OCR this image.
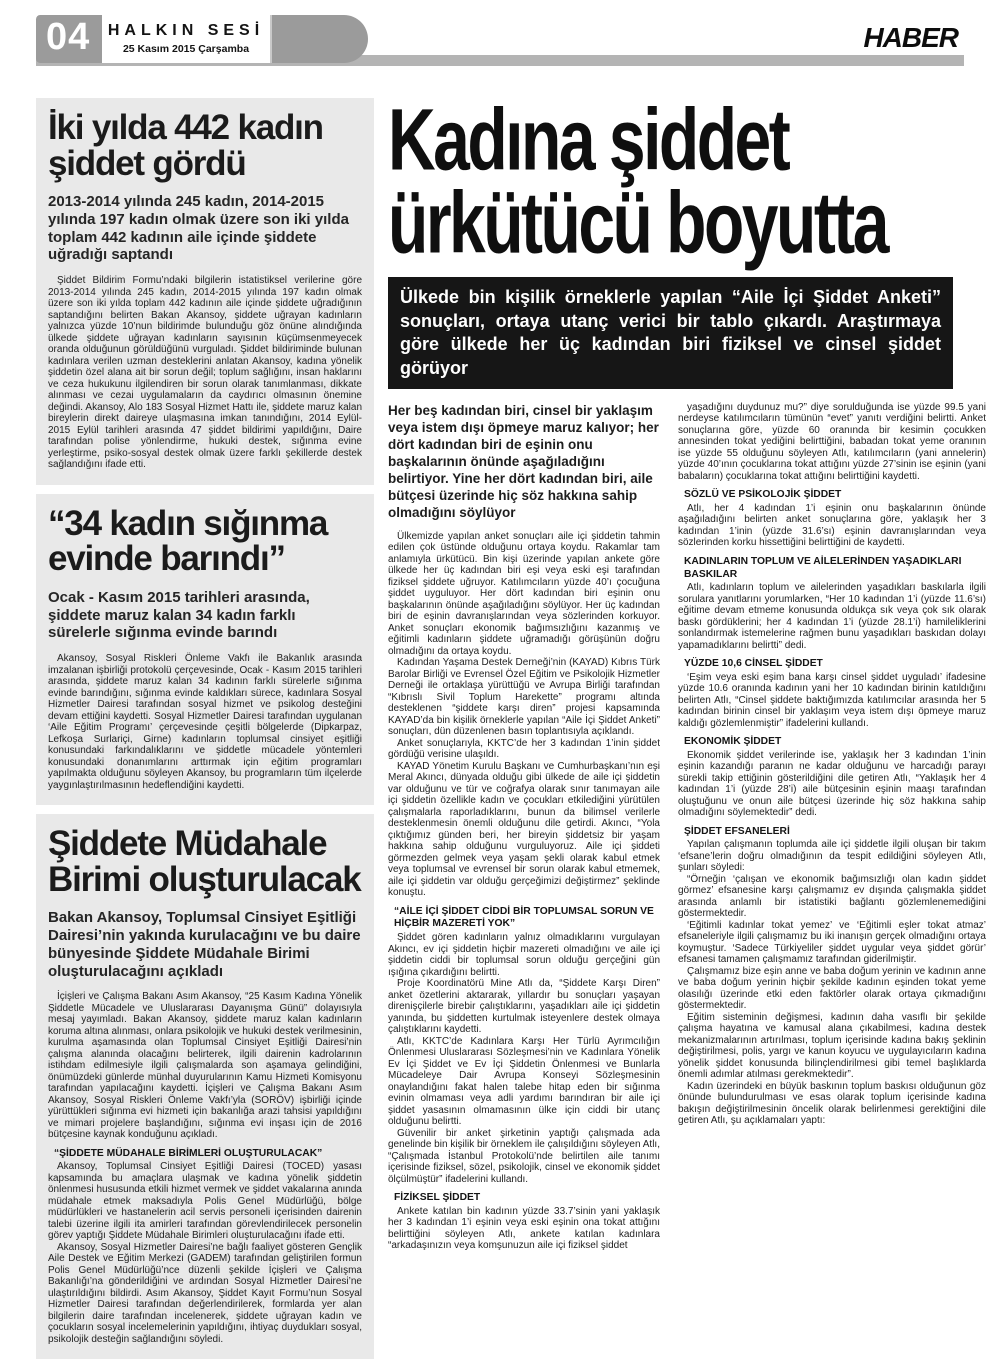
04	HALKIN SESİ
25 Kasım 2015 Çarşamba	HABER
İki yılda 442 kadın şiddet gördü
2013-2014 yılında 245 kadın, 2014-2015 yılında 197 kadın olmak üzere son iki yılda toplam 442 kadının aile içinde şiddete uğradığı saptandı
Şiddet Bildirim Formu’ndaki bilgilerin istatistiksel verilerine göre 2013-2014 yılında 245 kadın, 2014-2015 yılında 197 kadın olmak üzere son iki yılda toplam 442 kadının aile içinde şiddete uğradığının saptandığını belirten Bakan Akansoy, şiddete uğrayan kadınların yalnızca yüzde 10’nun bildirimde bulunduğu göz önüne alındığında ülkede şiddete uğrayan kadınların sayısının küçümsenmeyecek oranda olduğunun görüldüğünü vurguladı. Şiddet bildiriminde bulunan kadınlara verilen uzman desteklerini anlatan Akansoy, kadına yönelik şiddetin özel alana ait bir sorun değil; toplum sağlığını, insan haklarını ve ceza hukukunu ilgilendiren bir sorun olarak tanımlanması, dikkate alınması ve cezai uygulamaların da caydırıcı olmasının önemine değindi. Akansoy, Alo 183 Sosyal Hizmet Hattı ile, şiddete maruz kalan bireylerin direkt daireye ulaşmasına imkan tanındığını, 2014 Eylül-2015 Eylül tarihleri arasında 47 şiddet bildirimi yapıldığını, Daire tarafından polise yönlendirme, hukuki destek, sığınma evine yerleştirme, psiko-sosyal destek olmak üzere farklı şekillerde destek sağlandığını ifade etti.
“34 kadın sığınma evinde barındı”
Ocak - Kasım 2015 tarihleri arasında, şiddete maruz kalan 34 kadın farklı sürelerle sığınma evinde barındı
Akansoy, Sosyal Riskleri Önleme Vakfı ile Bakanlık arasında imzalanan işbirliği protokolü çerçevesinde, Ocak - Kasım 2015 tarihleri arasında, şiddete maruz kalan 34 kadının farklı sürelerle sığınma evinde barındığını, sığınma evinde kaldıkları sürece, kadınlara Sosyal Hizmetler Dairesi tarafından sosyal hizmet ve psikolog desteğini devam ettiğini kaydetti. Sosyal Hizmetler Dairesi tarafından uygulanan ‘Aile Eğitim Programı’ çerçevesinde çeşitli bölgelerde (Dipkarpaz, Lefkoşa Surlariçi, Girne) kadınların toplumsal cinsiyet eşitliği konusundaki farkındalıklarını ve şiddetle mücadele yöntemleri konusundaki donanımlarını arttırmak için eğitim programları yapılmakta olduğunu söyleyen Akansoy, bu programların tüm ilçelerde yaygınlaştırılmasının hedeflendiğini kaydetti.
Şiddete Müdahale Birimi oluşturulacak
Bakan Akansoy, Toplumsal Cinsiyet Eşitliği Dairesi’nin yakında kurulacağını ve bu daire bünyesinde Şiddete Müdahale Birimi oluşturulacağını açıkladı
İçişleri ve Çalışma Bakanı Asım Akansoy, “25 Kasım Kadına Yönelik Şiddetle Mücadele ve Uluslararası Dayanışma Günü” dolayısıyla mesaj yayımladı. Bakan Akansoy, şiddete maruz kalan kadınların koruma altına alınması, onlara psikolojik ve hukuki destek verilmesinin, kurulma aşamasında olan Toplumsal Cinsiyet Eşitliği Dairesi’nin çalışma alanında olacağını belirterek, ilgili dairenin kadrolarının istihdam edilmesiyle ilgili çalışmalarda son aşamaya gelindiğini, önümüzdeki günlerde münhal duyurularının Kamu Hizmeti Komisyonu tarafından yapılacağını kaydetti. İçişleri ve Çalışma Bakanı Asım Akansoy, Sosyal Riskleri Önleme Vakfı’yla (SORÖV) işbirliği içinde yürüttükleri sığınma evi hizmeti için bakanlığa arazi tahsisi yapıldığını ve mimari projelere başlandığını, sığınma evi inşası için de 2016 bütçesine kaynak konduğunu açıkladı.
“ŞİDDETE MÜDAHALE BİRİMLERİ OLUŞTURULACAK”
Akansoy, Toplumsal Cinsiyet Eşitliği Dairesi (TOCED) yasası kapsamında bu amaçlara ulaşmak ve kadına yönelik şiddetin önlenmesi hususunda etkili hizmet vermek ve şiddet vakalarına anında müdahale etmek maksadıyla Polis Genel Müdürlüğü, bölge müdürlükleri ve hastanelerin acil servis personeli içerisinden dairenin talebi üzerine ilgili ita amirleri tarafından görevlendirilecek personelin görev yaptığı Şiddete Müdahale Birimleri oluşturulacağını ifade etti.
Akansoy, Sosyal Hizmetler Dairesi’ne bağlı faaliyet gösteren Gençlik Aile Destek ve Eğitim Merkezi (GADEM) tarafından geliştirilen formun Polis Genel Müdürlüğü’nce düzenli şekilde İçişleri ve Çalışma Bakanlığı’na gönderildiğini ve ardından Sosyal Hizmetler Dairesi’ne ulaştırıldığını bildirdi. Asım Akansoy, Şiddet Kayıt Formu’nun Sosyal Hizmetler Dairesi tarafından değerlendirilerek, formlarda yer alan bilgilerin daire tarafından incelenerek, şiddete uğrayan kadın ve çocukların sosyal incelemelerinin yapıldığını, ihtiyaç duydukları sosyal, psikolojik desteğin sağlandığını söyledi.
Kadına şiddet ürkütücü boyutta
Ülkede bin kişilik örneklerle yapılan “Aile İçi Şiddet Anketi” sonuçları, ortaya utanç verici bir tablo çıkardı. Araştırmaya göre ülkede her üç kadından biri fiziksel ve cinsel şiddet görüyor
Her beş kadından biri, cinsel bir yaklaşım veya istem dışı öpmeye maruz kalıyor; her dört kadından biri de eşinin onu başkalarının önünde aşağıladığını belirtiyor. Yine her dört kadından biri, aile bütçesi üzerinde hiç söz hakkına sahip olmadığını söylüyor
Ülkemizde yapılan anket sonuçları aile içi şiddetin tahmin edilen çok üstünde olduğunu ortaya koydu. Rakamlar tam anlamıyla ürkütücü. Bin kişi üzerinde yapılan ankete göre ülkede her üç kadından biri eşi veya eski eşi tarafından fiziksel şiddete uğruyor. Katılımcıların yüzde 40’ı çocuğuna şiddet uyguluyor. Her dört kadından biri eşinin onu başkalarının önünde aşağıladığını söylüyor. Her üç kadından biri de eşinin davranışlarından veya sözlerinden korkuyor. Anket sonuçları ekonomik bağımsızlığını kazanmış ve eğitimli kadınların şiddete uğramadığı görüşünün doğru olmadığını da ortaya koydu.
Kadından Yaşama Destek Derneği’nin (KAYAD) Kıbrıs Türk Barolar Birliği ve Evrensel Özel Eğitim ve Psikolojik Hizmetler Derneği ile ortaklaşa yürüttüğü ve Avrupa Birliği tarafından “Kıbrıslı Sivil Toplum Harekette” programı altında desteklenen “şiddete karşı diren” projesi kapsamında KAYAD’da bin kişilik örneklerle yapılan “Aile İçi Şiddet Anketi” sonuçları, dün düzenlenen basın toplantısıyla açıklandı.
Anket sonuçlarıyla, KKTC’de her 3 kadından 1’inin şiddet gördüğü verisine ulaşıldı.
KAYAD Yönetim Kurulu Başkanı ve Cumhurbaşkanı’nın eşi Meral Akıncı, dünyada olduğu gibi ülkede de aile içi şiddetin var olduğunu ve tür ve coğrafya olarak sınır tanımayan aile içi şiddetin özellikle kadın ve çocukları etkilediğini yürütülen çalışmalarla raporladıklarını, bunun da bilimsel verilerle desteklenmesin önemli olduğunu dile getirdi. Akıncı, “Yola çıktığımız günden beri, her bireyin şiddetsiz bir yaşam hakkına sahip olduğunu vurguluyoruz. Aile içi şiddeti görmezden gelmek veya yaşam şekli olarak kabul etmek veya toplumsal ve evrensel bir sorun olarak kabul etmemek, aile içi şiddetin var olduğu gerçeğimizi değiştirmez” şeklinde konuştu.
“AİLE İÇİ ŞİDDET CİDDİ BİR TOPLUMSAL SORUN VE HİÇBİR MAZERETİ YOK”
Şiddet gören kadınların yalnız olmadıklarını vurgulayan Akıncı, ev içi şiddetin hiçbir mazereti olmadığını ve aile içi şiddetin ciddi bir toplumsal sorun olduğu gerçeğini gün ışığına çıkardığını belirtti.
Proje Koordinatörü Mine Atlı da, “Şiddete Karşı Diren” anket özetlerini aktararak, yıllardır bu sonuçları yaşayan direnişçilerle birebir çalıştıklarını, yaşadıkları aile içi şiddetin yanında, bu şiddetten kurtulmak isteyenlere destek olmaya çalıştıklarını kaydetti.
Atlı, KKTC’de Kadınlara Karşı Her Türlü Ayrımcılığın Önlenmesi Uluslararası Sözleşmesi’nin ve Kadınlara Yönelik Ev İçi Şiddet ve Ev İçi Şiddetin Önlenmesi ve Bunlarla Mücadeleye Dair Avrupa Konseyi Sözleşmesinin onaylandığını fakat halen talebe hitap eden bir sığınma evinin olmaması veya adli yardımı barındıran bir aile içi şiddet yasasının olmamasının ülke için ciddi bir utanç olduğunu belirtti.
Güvenilir bir anket şirketinin yaptığı çalışmada ada genelinde bin kişilik bir örneklem ile çalışıldığını söyleyen Atlı, “Çalışmada İstanbul Protokolü’nde belirtilen aile tanımı içerisinde fiziksel, sözel, psikolojik, cinsel ve ekonomik şiddet ölçülmüştür” ifadelerini kullandı.
FİZİKSEL ŞİDDET
Ankete katılan bin kadının yüzde 33.7’sinin yani yaklaşık her 3 kadından 1’i eşinin veya eski eşinin ona tokat attığını belirttiğini söyleyen Atlı, ankete katılan kadınlara “arkadaşınızın veya komşunuzun aile içi fiziksel şiddet
yaşadığını duydunuz mu?” diye sorulduğunda ise yüzde 99.5 yani nerdeyse katılımcıların tümünün “evet” yanıtı verdiğini belirtti. Anket sonuçlarına göre, yüzde 60 oranında bir kesimin çocukken annesinden tokat yediğini belirttiğini, babadan tokat yeme oranının ise yüzde 55 olduğunu söyleyen Atlı, katılımcıların (yani annelerin) yüzde 40’ının çocuklarına tokat attığını yüzde 27’sinin ise eşinin (yani babaların) çocuklarına tokat attığını belirttiğini kaydetti.
SÖZLÜ VE PSİKOLOJİK ŞİDDET
Atlı, her 4 kadından 1’i eşinin onu başkalarının önünde aşağıladığını belirten anket sonuçlarına göre, yaklaşık her 3 kadından 1’inin (yüzde 31.6’sı) eşinin davranışlarından veya sözlerinden korku hissettiğini belirttiğini de kaydetti.
KADINLARIN TOPLUM VE AİLELERİNDEN YAŞADIKLARI BASKILAR
Atlı, kadınların toplum ve ailelerinden yaşadıkları baskılarla ilgili sorulara yanıtlarını yorumlarken, “Her 10 kadından 1’i (yüzde 11.6’sı) eğitime devam etmeme konusunda oldukça sık veya çok sık olarak baskı gördüklerini; her 4 kadından 1’i (yüzde 28.1’i) hamileliklerini sonlandırmak istemelerine rağmen bunu yaşadıkları baskıdan dolayı yapamadıklarını belirtti” dedi.
YÜZDE 10,6 CİNSEL ŞİDDET
‘Eşim veya eski eşim bana karşı cinsel şiddet uyguladı’ ifadesine yüzde 10.6 oranında kadının yani her 10 kadından birinin katıldığını belirten Atlı, “Cinsel şiddete baktığımızda katılımcılar arasında her 5 kadından birinin cinsel bir yaklaşım veya istem dışı öpmeye maruz kaldığı gözlemlenmiştir” ifadelerini kullandı.
EKONOMİK ŞİDDET
Ekonomik şiddet verilerinde ise, yaklaşık her 3 kadından 1’inin eşinin kazandığı paranın ne kadar olduğunu ve harcadığı parayı sürekli takip ettiğinin gösterildiğini dile getiren Atlı, “Yaklaşık her 4 kadından 1’i (yüzde 28’i) aile bütçesinin eşinin maaşı tarafından oluştuğunu ve onun aile bütçesi üzerinde hiç söz hakkına sahip olmadığını söylemektedir” dedi.
ŞİDDET EFSANELERİ
Yapılan çalışmanın toplumda aile içi şiddetle ilgili oluşan bir takım ‘efsane’lerin doğru olmadığının da tespit edildiğini söyleyen Atlı, şunları söyledi:
“Örneğin ‘çalışan ve ekonomik bağımsızlığı olan kadın şiddet görmez’ efsanesine karşı çalışmamız ev dışında çalışmakla şiddet arasında anlamlı bir istatistiki bağlantı gözlemlenemediğini göstermektedir.
‘Eğitimli kadınlar tokat yemez’ ve ‘Eğitimli eşler tokat atmaz’ efsaneleriyle ilgili çalışmamız bu iki inanışın gerçek olmadığını ortaya koymuştur. ‘Sadece Türkiyeliler şiddet uygular veya şiddet görür’ efsanesi tamamen çalışmamız tarafından giderilmiştir.
Çalışmamız bize eşin anne ve baba doğum yerinin ve kadının anne ve baba doğum yerinin hiçbir şekilde kadının eşinden tokat yeme olasılığı üzerinde etki eden faktörler olarak ortaya çıkmadığını göstermektedir.
Eğitim sisteminin değişmesi, kadının daha vasıflı bir şekilde çalışma hayatına ve kamusal alana çıkabilmesi, kadına destek mekanizmalarının artırılması, toplum içerisinde kadına bakış şeklinin değiştirilmesi, polis, yargı ve kanun koyucu ve uygulayıcıların kadına yönelik şiddet konusunda bilinçlendirilmesi gibi temel başlıklarda önemli adımlar atılması gerekmektedir”.
Kadın üzerindeki en büyük baskının toplum baskısı olduğunun göz önünde bulundurulması ve esas olarak toplum içerisinde kadına bakışın değiştirilmesinin öncelik olarak belirlenmesi gerektiğini dile getiren Atlı, şu açıklamaları yaptı:
